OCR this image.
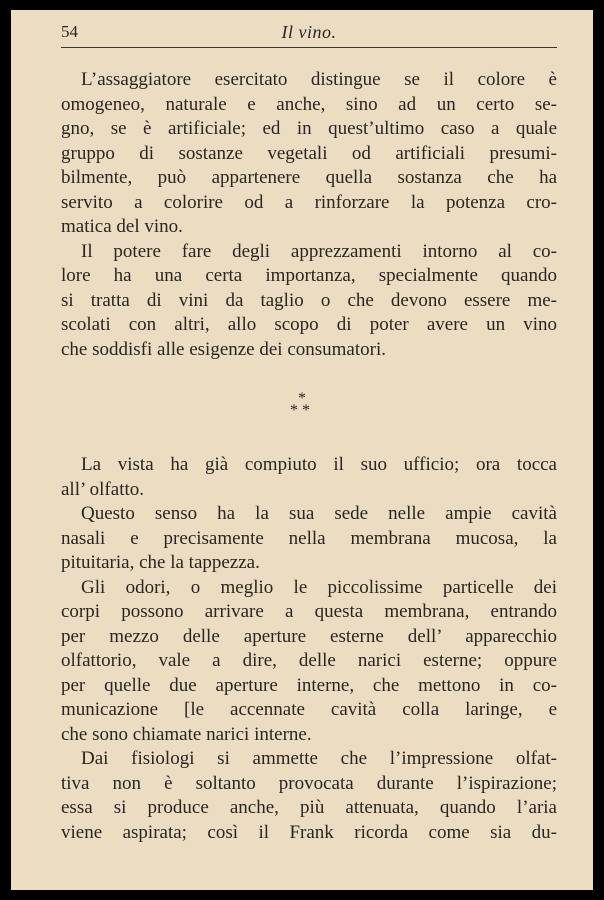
54	Il vino.
L’assaggiatore esercitato distingue se il colore è
omogeneo, naturale e anche, sino ad un certo se-
gno, se è artificiale; ed in quest’ultimo caso a quale
gruppo di sostanze vegetali od artificiali presumi-
bilmente, può appartenere quella sostanza che ha
servito a colorire od a rinforzare la potenza cro-
matica del vino.
Il potere fare degli apprezzamenti intorno al co-
lore ha una certa importanza, specialmente quando
si tratta di vini da taglio o che devono essere me-
scolati con altri, allo scopo di poter avere un vino
che soddisfi alle esigenze dei consumatori.
*
**
La vista ha già compiuto il suo ufficio; ora tocca
all’ olfatto.
Questo senso ha la sua sede nelle ampie cavità
nasali e precisamente nella membrana mucosa, la
pituitaria, che la tappezza.
Gli odori, o meglio le piccolissime particelle dei
corpi possono arrivare a questa membrana, entrando
per mezzo delle aperture esterne dell’ apparecchio
olfattorio, vale a dire, delle narici esterne; oppure
per quelle due aperture interne, che mettono in co-
municazione [le accennate cavità colla laringe, e
che sono chiamate narici interne.
Dai fisiologi si ammette che l’impressione olfat-
tiva non è soltanto provocata durante l’ispirazione;
essa si produce anche, più attenuata, quando l’aria
viene aspirata; così il Frank ricorda come sia du-
